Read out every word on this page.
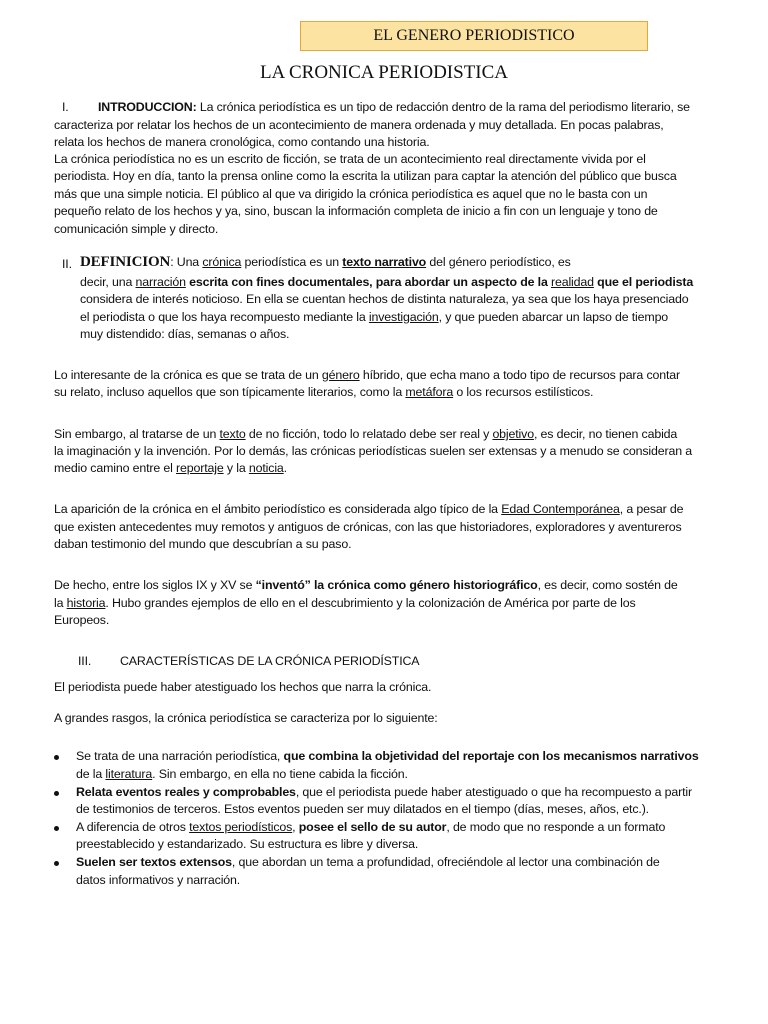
EL GENERO PERIODISTICO
LA CRONICA PERIODISTICA
I. INTRODUCCION: La crónica periodística es un tipo de redacción dentro de la rama del periodismo literario, se
caracteriza por relatar los hechos de un acontecimiento de manera ordenada y muy detallada. En pocas palabras,
relata los hechos de manera cronológica, como contando una historia.
La crónica periodística no es un escrito de ficción, se trata de un acontecimiento real directamente vivida por el
periodista. Hoy en día, tanto la prensa online como la escrita la utilizan para captar la atención del público que busca
más que una simple noticia. El público al que va dirigido la crónica periodística es aquel que no le basta con un
pequeño relato de los hechos y ya, sino, buscan la información completa de inicio a fin con un lenguaje y tono de
comunicación simple y directo.
II. DEFINICION: Una crónica periodística es un texto narrativo del género periodístico, es
decir, una narración escrita con fines documentales, para abordar un aspecto de la realidad que el periodista
considera de interés noticioso. En ella se cuentan hechos de distinta naturaleza, ya sea que los haya presenciado
el periodista o que los haya recompuesto mediante la investigación, y que pueden abarcar un lapso de tiempo
muy distendido: días, semanas o años.
Lo interesante de la crónica es que se trata de un género híbrido, que echa mano a todo tipo de recursos para contar
su relato, incluso aquellos que son típicamente literarios, como la metáfora o los recursos estilísticos.
Sin embargo, al tratarse de un texto de no ficción, todo lo relatado debe ser real y objetivo, es decir, no tienen cabida
la imaginación y la invención. Por lo demás, las crónicas periodísticas suelen ser extensas y a menudo se consideran a
medio camino entre el reportaje y la noticia.
La aparición de la crónica en el ámbito periodístico es considerada algo típico de la Edad Contemporánea, a pesar de
que existen antecedentes muy remotos y antiguos de crónicas, con las que historiadores, exploradores y aventureros
daban testimonio del mundo que descubrían a su paso.
De hecho, entre los siglos IX y XV se “inventó” la crónica como género historiográfico, es decir, como sostén de
la historia. Hubo grandes ejemplos de ello en el descubrimiento y la colonización de América por parte de los
Europeos.
III. CARACTERÍSTICAS DE LA CRÓNICA PERIODÍSTICA
El periodista puede haber atestiguado los hechos que narra la crónica.
A grandes rasgos, la crónica periodística se caracteriza por lo siguiente:
Se trata de una narración periodística, que combina la objetividad del reportaje con los mecanismos narrativos
de la literatura. Sin embargo, en ella no tiene cabida la ficción.
Relata eventos reales y comprobables, que el periodista puede haber atestiguado o que ha recompuesto a partir
de testimonios de terceros. Estos eventos pueden ser muy dilatados en el tiempo (días, meses, años, etc.).
A diferencia de otros textos periodísticos, posee el sello de su autor, de modo que no responde a un formato
preestablecido y estandarizado. Su estructura es libre y diversa.
Suelen ser textos extensos, que abordan un tema a profundidad, ofreciéndole al lector una combinación de
datos informativos y narración.
